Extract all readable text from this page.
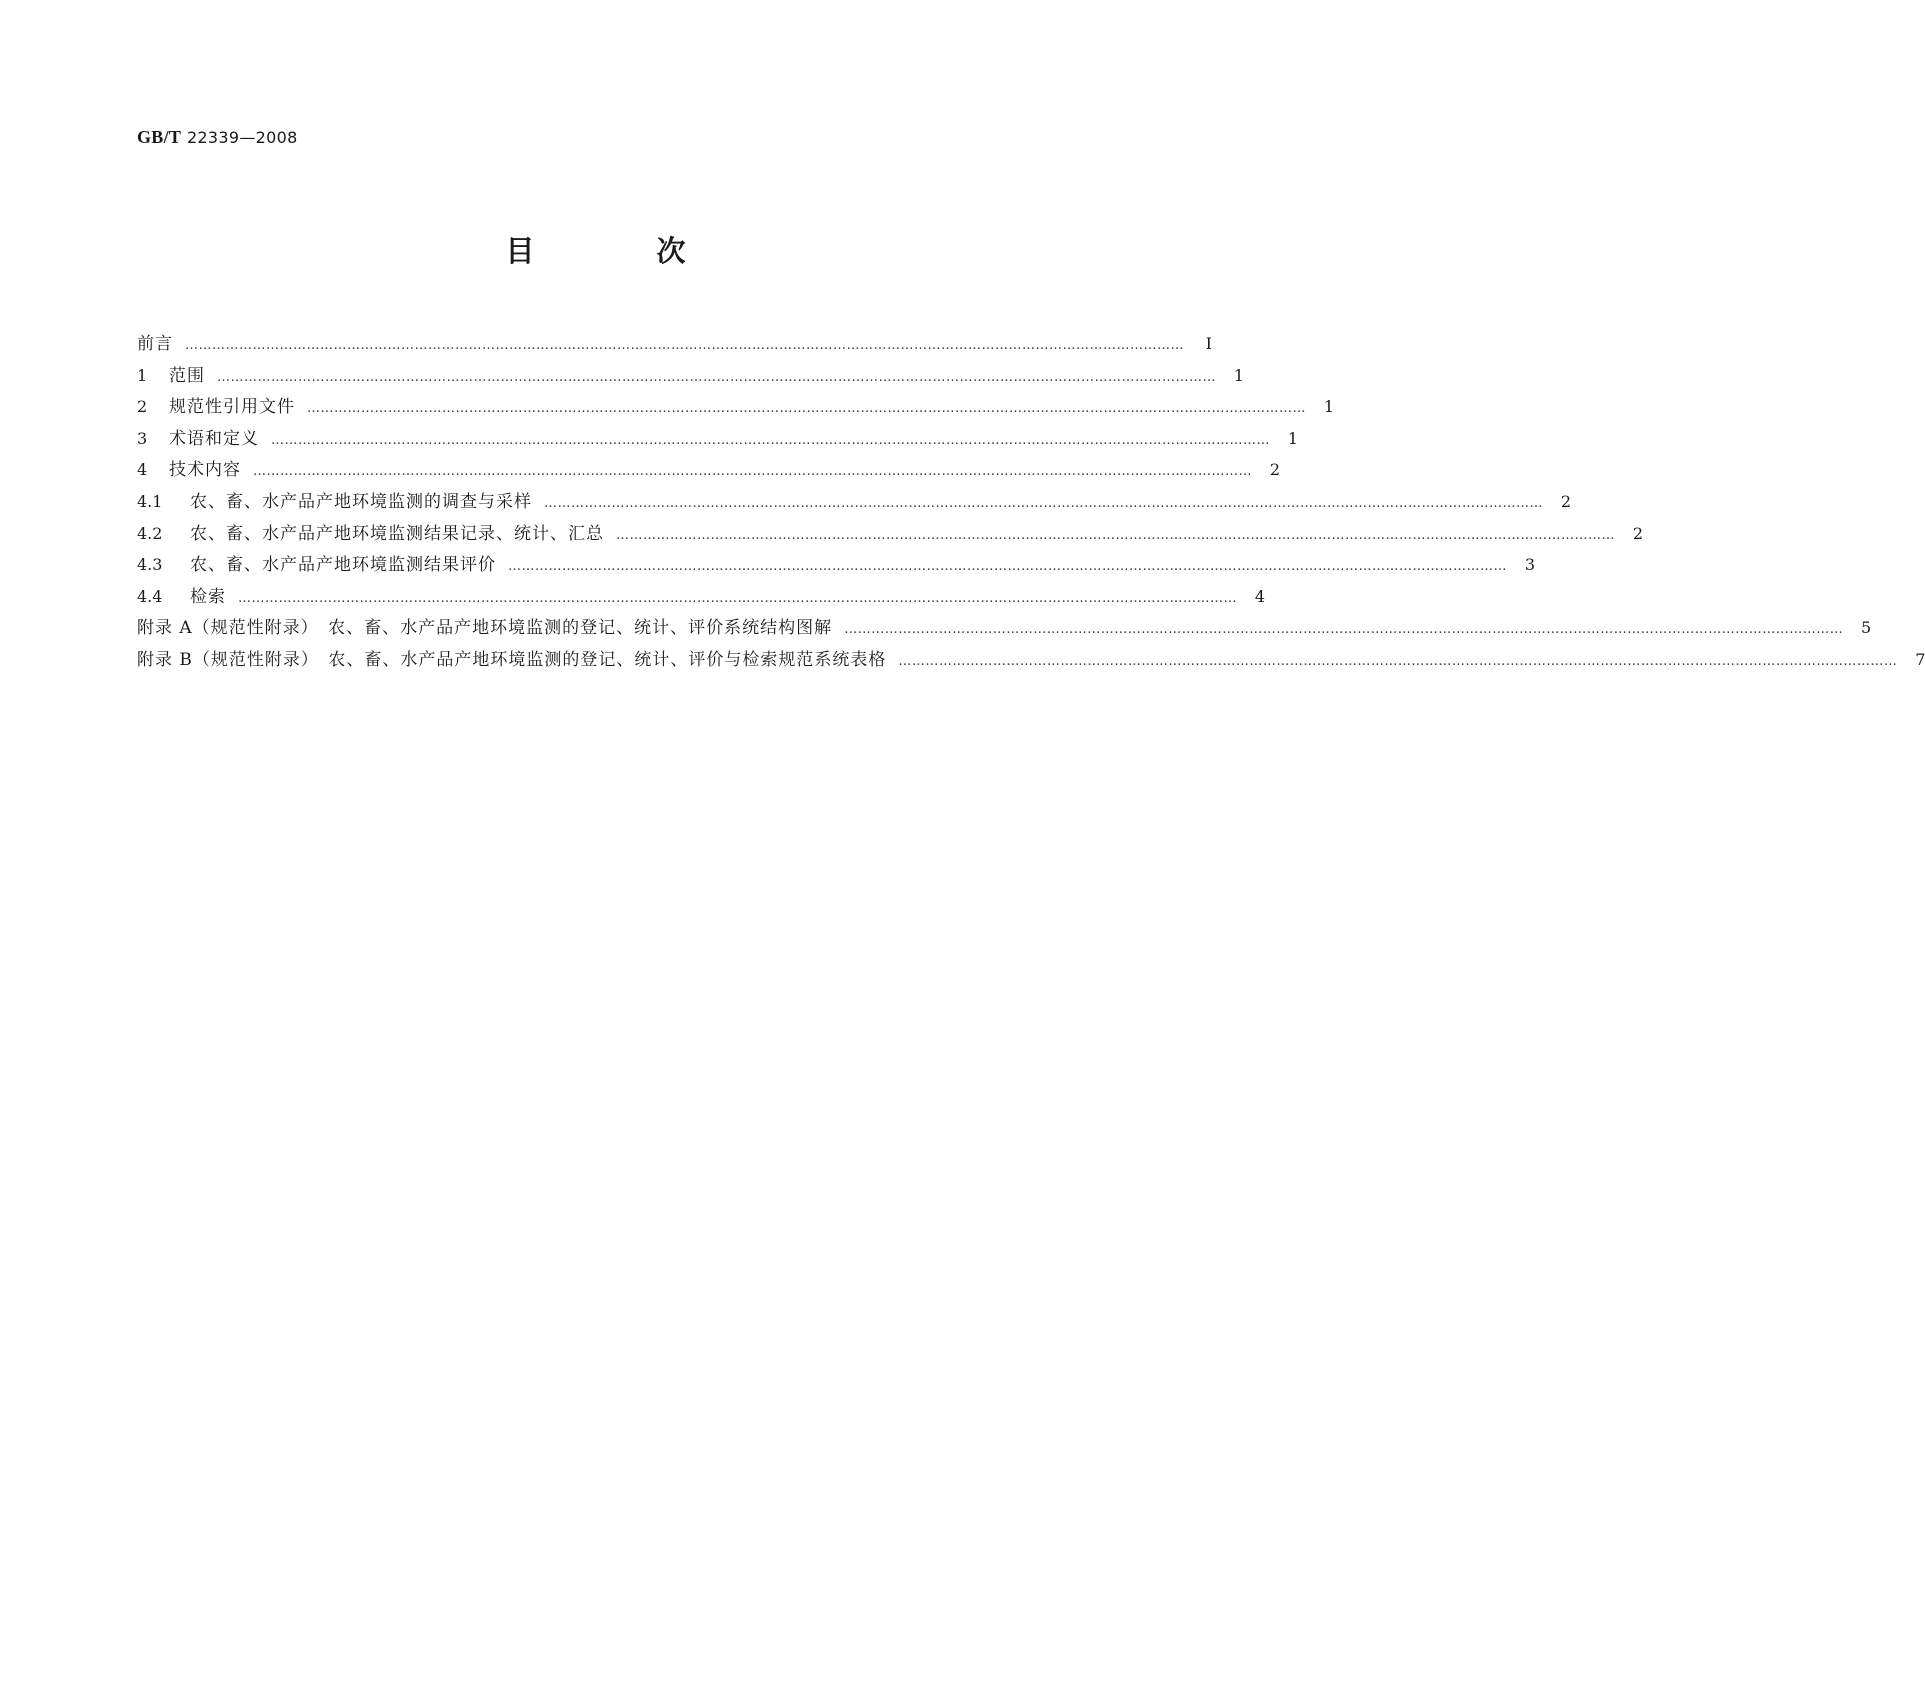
GB/T 22339—2008
目 次
前言 ……………………………………………………………………………………………………………………………………………………………………………………………………	I
1	范围 …………………………………………………………………………………………………………………………………………………………………………………………………… 1
2	规范性引用文件 …………………………………………………………………………………………………………………………………………………………………………………………………… 1
3	术语和定义 …………………………………………………………………………………………………………………………………………………………………………………………………… 1
4	技术内容 …………………………………………………………………………………………………………………………………………………………………………………………………… 2
4.1	农、畜、水产品产地环境监测的调查与采样 …………………………………………………………………………………………………………………………………………………………………………………………………… 2
4.2	农、畜、水产品产地环境监测结果记录、统计、汇总 …………………………………………………………………………………………………………………………………………………………………………………………………… 2
4.3	农、畜、水产品产地环境监测结果评价 …………………………………………………………………………………………………………………………………………………………………………………………………… 3
4.4	检索 …………………………………………………………………………………………………………………………………………………………………………………………………… 4
附录 A（规范性附录）　农、畜、水产品产地环境监测的登记、统计、评价系统结构图解 …………………………………………………………………………………………………………………………………………………………………………………………………… 5
附录 B（规范性附录）　农、畜、水产品产地环境监测的登记、统计、评价与检索规范系统表格 …………………………………………………………………………………………………………………………………………………………………………………………………… 7
